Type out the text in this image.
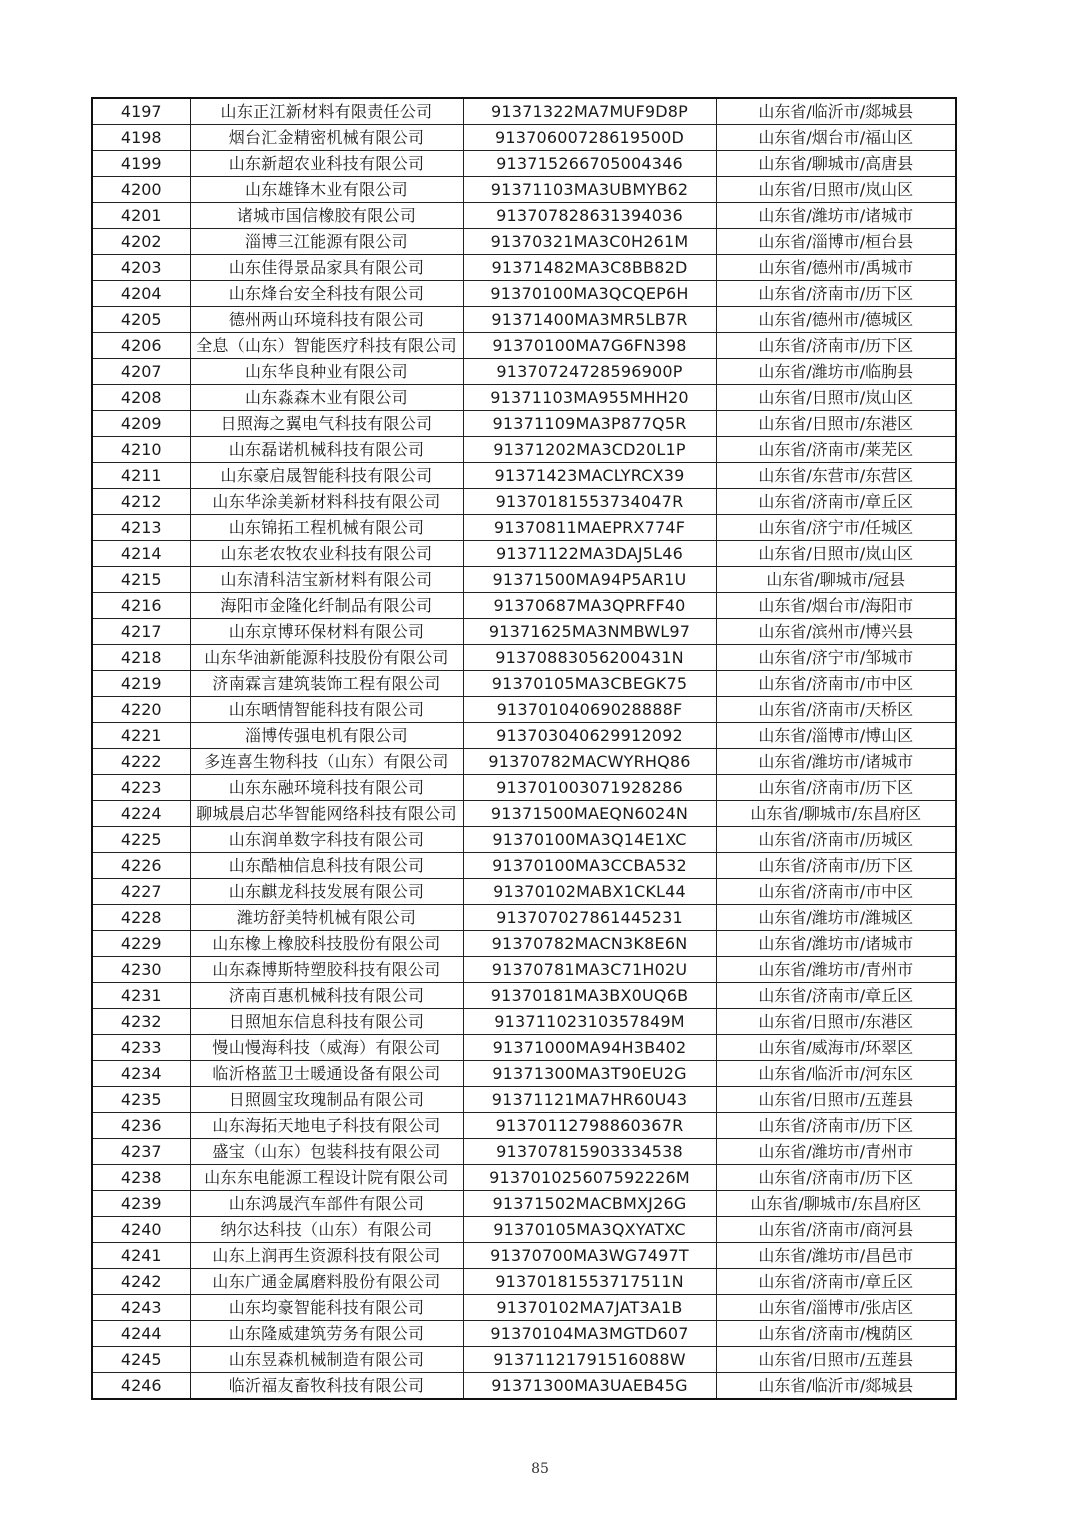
4197	山东正江新材料有限责任公司	91371322MA7MUF9D8P	山东省/临沂市/郯城县
4198	烟台汇金精密机械有限公司	91370600728619500D	山东省/烟台市/福山区
4199	山东新超农业科技有限公司	913715266705004346	山东省/聊城市/高唐县
4200	山东雄锋木业有限公司	91371103MA3UBMYB62	山东省/日照市/岚山区
4201	诸城市国信橡胶有限公司	913707828631394036	山东省/潍坊市/诸城市
4202	淄博三江能源有限公司	91370321MA3C0H261M	山东省/淄博市/桓台县
4203	山东佳得景品家具有限公司	91371482MA3C8BB82D	山东省/德州市/禹城市
4204	山东烽台安全科技有限公司	91370100MA3QCQEP6H	山东省/济南市/历下区
4205	德州两山环境科技有限公司	91371400MA3MR5LB7R	山东省/德州市/德城区
4206	全息（山东）智能医疗科技有限公司	91370100MA7G6FN398	山东省/济南市/历下区
4207	山东华良种业有限公司	91370724728596900P	山东省/潍坊市/临朐县
4208	山东淼森木业有限公司	91371103MA955MHH20	山东省/日照市/岚山区
4209	日照海之翼电气科技有限公司	91371109MA3P877Q5R	山东省/日照市/东港区
4210	山东磊诺机械科技有限公司	91371202MA3CD20L1P	山东省/济南市/莱芜区
4211	山东豪启晟智能科技有限公司	91371423MACLYRCX39	山东省/东营市/东营区
4212	山东华涂美新材料科技有限公司	91370181553734047R	山东省/济南市/章丘区
4213	山东锦拓工程机械有限公司	91370811MAEPRX774F	山东省/济宁市/任城区
4214	山东老农牧农业科技有限公司	91371122MA3DAJ5L46	山东省/日照市/岚山区
4215	山东清科洁宝新材料有限公司	91371500MA94P5AR1U	山东省/聊城市/冠县
4216	海阳市金隆化纤制品有限公司	91370687MA3QPRFF40	山东省/烟台市/海阳市
4217	山东京博环保材料有限公司	91371625MA3NMBWL97	山东省/滨州市/博兴县
4218	山东华油新能源科技股份有限公司	91370883056200431N	山东省/济宁市/邹城市
4219	济南霖言建筑装饰工程有限公司	91370105MA3CBEGK75	山东省/济南市/市中区
4220	山东晒情智能科技有限公司	91370104069028888F	山东省/济南市/天桥区
4221	淄博传强电机有限公司	913703040629912092	山东省/淄博市/博山区
4222	多连喜生物科技（山东）有限公司	91370782MACWYRHQ86	山东省/潍坊市/诸城市
4223	山东东融环境科技有限公司	913701003071928286	山东省/济南市/历下区
4224	聊城晨启芯华智能网络科技有限公司	91371500MAEQN6024N	山东省/聊城市/东昌府区
4225	山东润单数字科技有限公司	91370100MA3Q14E1XC	山东省/济南市/历城区
4226	山东酷柚信息科技有限公司	91370100MA3CCBA532	山东省/济南市/历下区
4227	山东麒龙科技发展有限公司	91370102MABX1CKL44	山东省/济南市/市中区
4228	潍坊舒美特机械有限公司	913707027861445231	山东省/潍坊市/潍城区
4229	山东橡上橡胶科技股份有限公司	91370782MACN3K8E6N	山东省/潍坊市/诸城市
4230	山东森博斯特塑胶科技有限公司	91370781MA3C71H02U	山东省/潍坊市/青州市
4231	济南百惠机械科技有限公司	91370181MA3BX0UQ6B	山东省/济南市/章丘区
4232	日照旭东信息科技有限公司	91371102310357849M	山东省/日照市/东港区
4233	慢山慢海科技（威海）有限公司	91371000MA94H3B402	山东省/威海市/环翠区
4234	临沂格蓝卫士暖通设备有限公司	91371300MA3T90EU2G	山东省/临沂市/河东区
4235	日照圆宝玫瑰制品有限公司	91371121MA7HR60U43	山东省/日照市/五莲县
4236	山东海拓天地电子科技有限公司	91370112798860367R	山东省/济南市/历下区
4237	盛宝（山东）包装科技有限公司	913707815903334538	山东省/潍坊市/青州市
4238	山东东电能源工程设计院有限公司	913701025607592226M	山东省/济南市/历下区
4239	山东鸿晟汽车部件有限公司	91371502MACBMXJ26G	山东省/聊城市/东昌府区
4240	纳尔达科技（山东）有限公司	91370105MA3QXYATXC	山东省/济南市/商河县
4241	山东上润再生资源科技有限公司	91370700MA3WG7497T	山东省/潍坊市/昌邑市
4242	山东广通金属磨料股份有限公司	91370181553717511N	山东省/济南市/章丘区
4243	山东均豪智能科技有限公司	91370102MA7JAT3A1B	山东省/淄博市/张店区
4244	山东隆威建筑劳务有限公司	91370104MA3MGTD607	山东省/济南市/槐荫区
4245	山东昱森机械制造有限公司	91371121791516088W	山东省/日照市/五莲县
4246	临沂福友畜牧科技有限公司	91371300MA3UAEB45G	山东省/临沂市/郯城县
85
